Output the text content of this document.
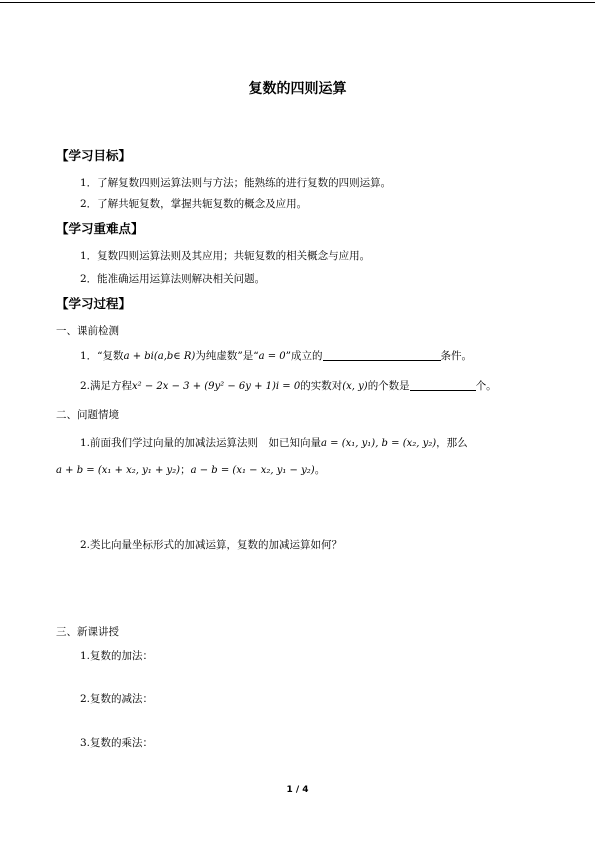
复数的四则运算
【学习目标】
1．了解复数四则运算法则与方法；能熟练的进行复数的四则运算。
2．了解共轭复数，掌握共轭复数的概念及应用。
【学习重难点】
1．复数四则运算法则及其应用；共轭复数的相关概念与应用。
2．能准确运用运算法则解决相关问题。
【学习过程】
一、课前检测
1．“复数a + bi(a,b∈ R)为纯虚数”是“a = 0”成立的	条件。
2.满足方程x² − 2x − 3 + (9y² − 6y + 1)i = 0的实数对(x, y)的个数是	个。
二、问题情境
1.前面我们学过向量的加减法运算法则　如已知向量a = (x₁, y₁), b = (x₂, y₂)，那么
a + b = (x₁ + x₂, y₁ + y₂)；a − b = (x₁ − x₂, y₁ − y₂)。
2.类比向量坐标形式的加减运算，复数的加减运算如何？
三、新课讲授
1.复数的加法：
2.复数的减法：
3.复数的乘法：
1 / 4
